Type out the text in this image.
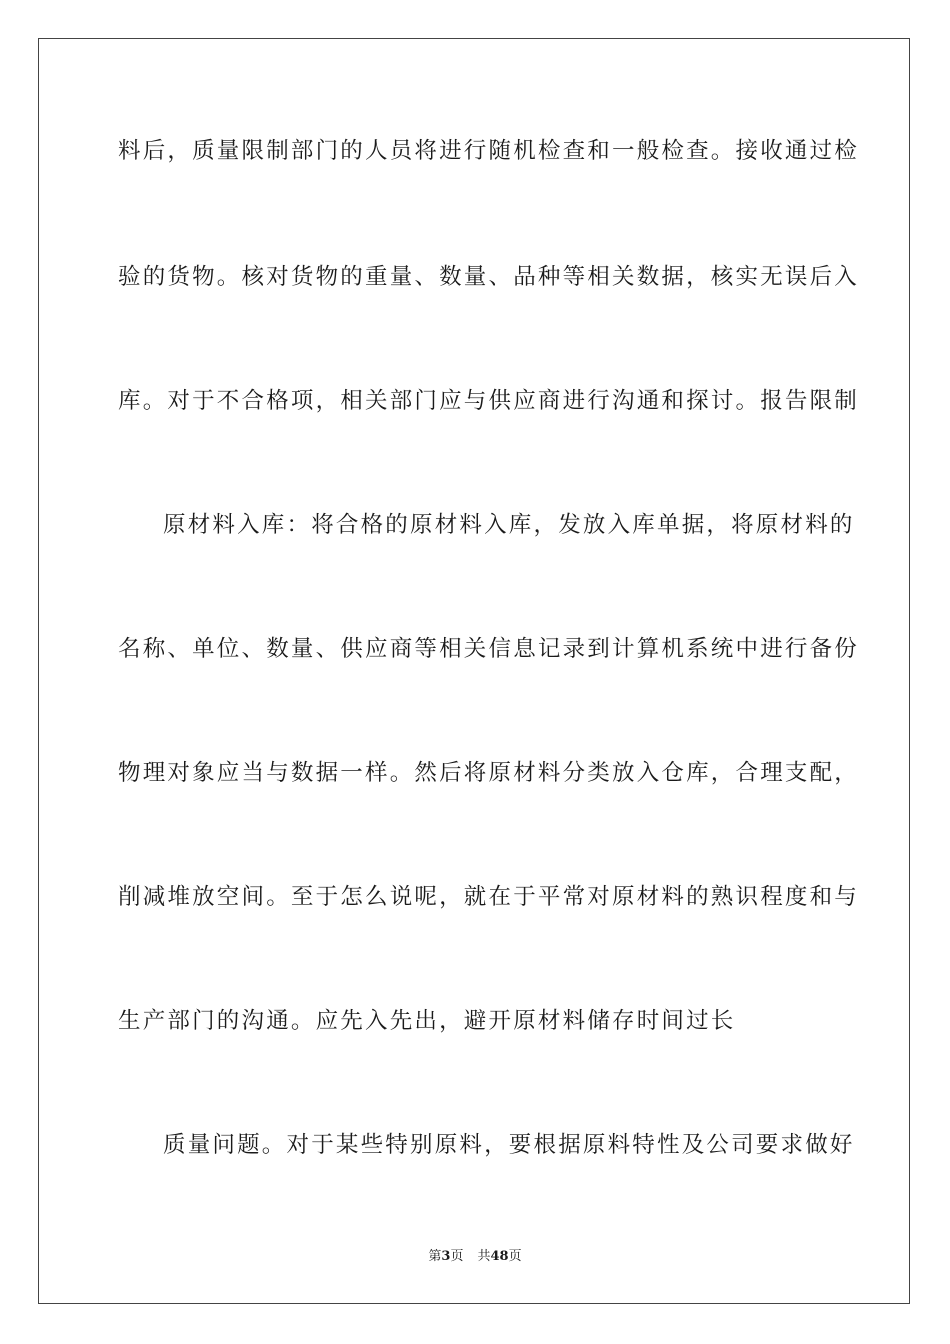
料后，质量限制部门的人员将进行随机检查和一般检查。接收通过检
验的货物。核对货物的重量、数量、品种等相关数据，核实无误后入
库。对于不合格项，相关部门应与供应商进行沟通和探讨。报告限制
原材料入库：将合格的原材料入库，发放入库单据，将原材料的
名称、单位、数量、供应商等相关信息记录到计算机系统中进行备份
物理对象应当与数据一样。然后将原材料分类放入仓库，合理支配，
削减堆放空间。至于怎么说呢，就在于平常对原材料的熟识程度和与
生产部门的沟通。应先入先出，避开原材料储存时间过长
质量问题。对于某些特别原料，要根据原料特性及公司要求做好
第3页 共48页
